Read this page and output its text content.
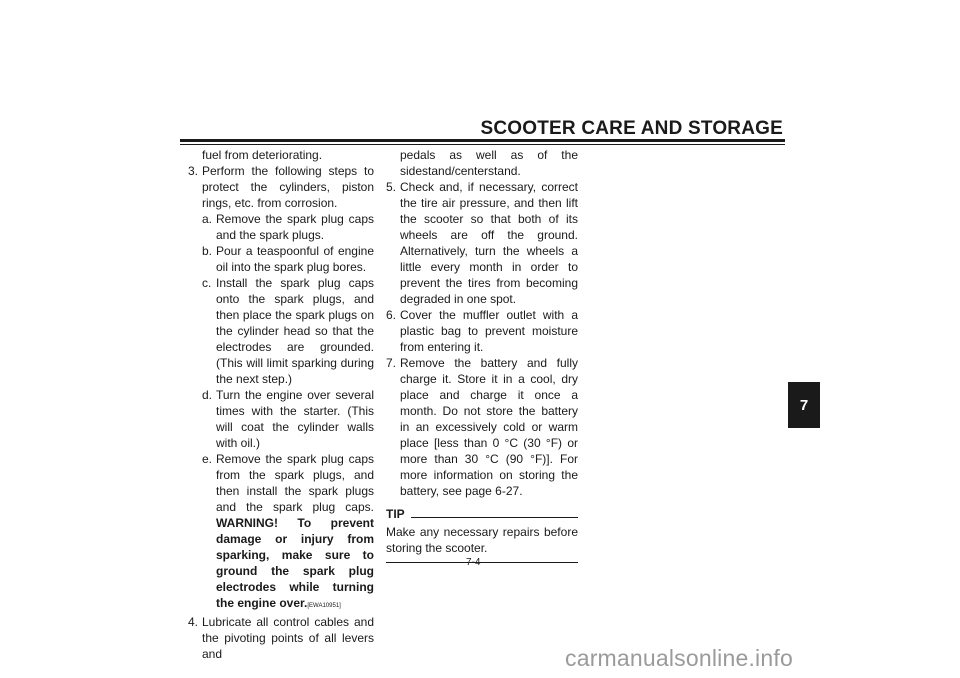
SCOOTER CARE AND STORAGE

fuel from deteriorating.

3. Perform the following steps to protect the cylinders, piston rings, etc. from corrosion.
a. Remove the spark plug caps and the spark plugs.
b. Pour a teaspoonful of engine oil into the spark plug bores.
c. Install the spark plug caps onto the spark plugs, and then place the spark plugs on the cylinder head so that the electrodes are grounded. (This will limit sparking during the next step.)
d. Turn the engine over several times with the starter. (This will coat the cylinder walls with oil.)
e. Remove the spark plug caps from the spark plugs, and then install the spark plugs and the spark plug caps. WARNING! To prevent damage or injury from sparking, make sure to ground the spark plug electrodes while turning the engine over.[EWA10951]
4. Lubricate all control cables and the pivoting points of all levers and

pedals as well as of the sidestand/centerstand.

5. Check and, if necessary, correct the tire air pressure, and then lift the scooter so that both of its wheels are off the ground. Alternatively, turn the wheels a little every month in order to prevent the tires from becoming degraded in one spot.
6. Cover the muffler outlet with a plastic bag to prevent moisture from entering it.
7. Remove the battery and fully charge it. Store it in a cool, dry place and charge it once a month. Do not store the battery in an excessively cold or warm place [less than 0 °C (30 °F) or more than 30 °C (90 °F)]. For more information on storing the battery, see page 6-27.
TIP

Make any necessary repairs before storing the scooter.

7
7-4
carmanualsonline.info
